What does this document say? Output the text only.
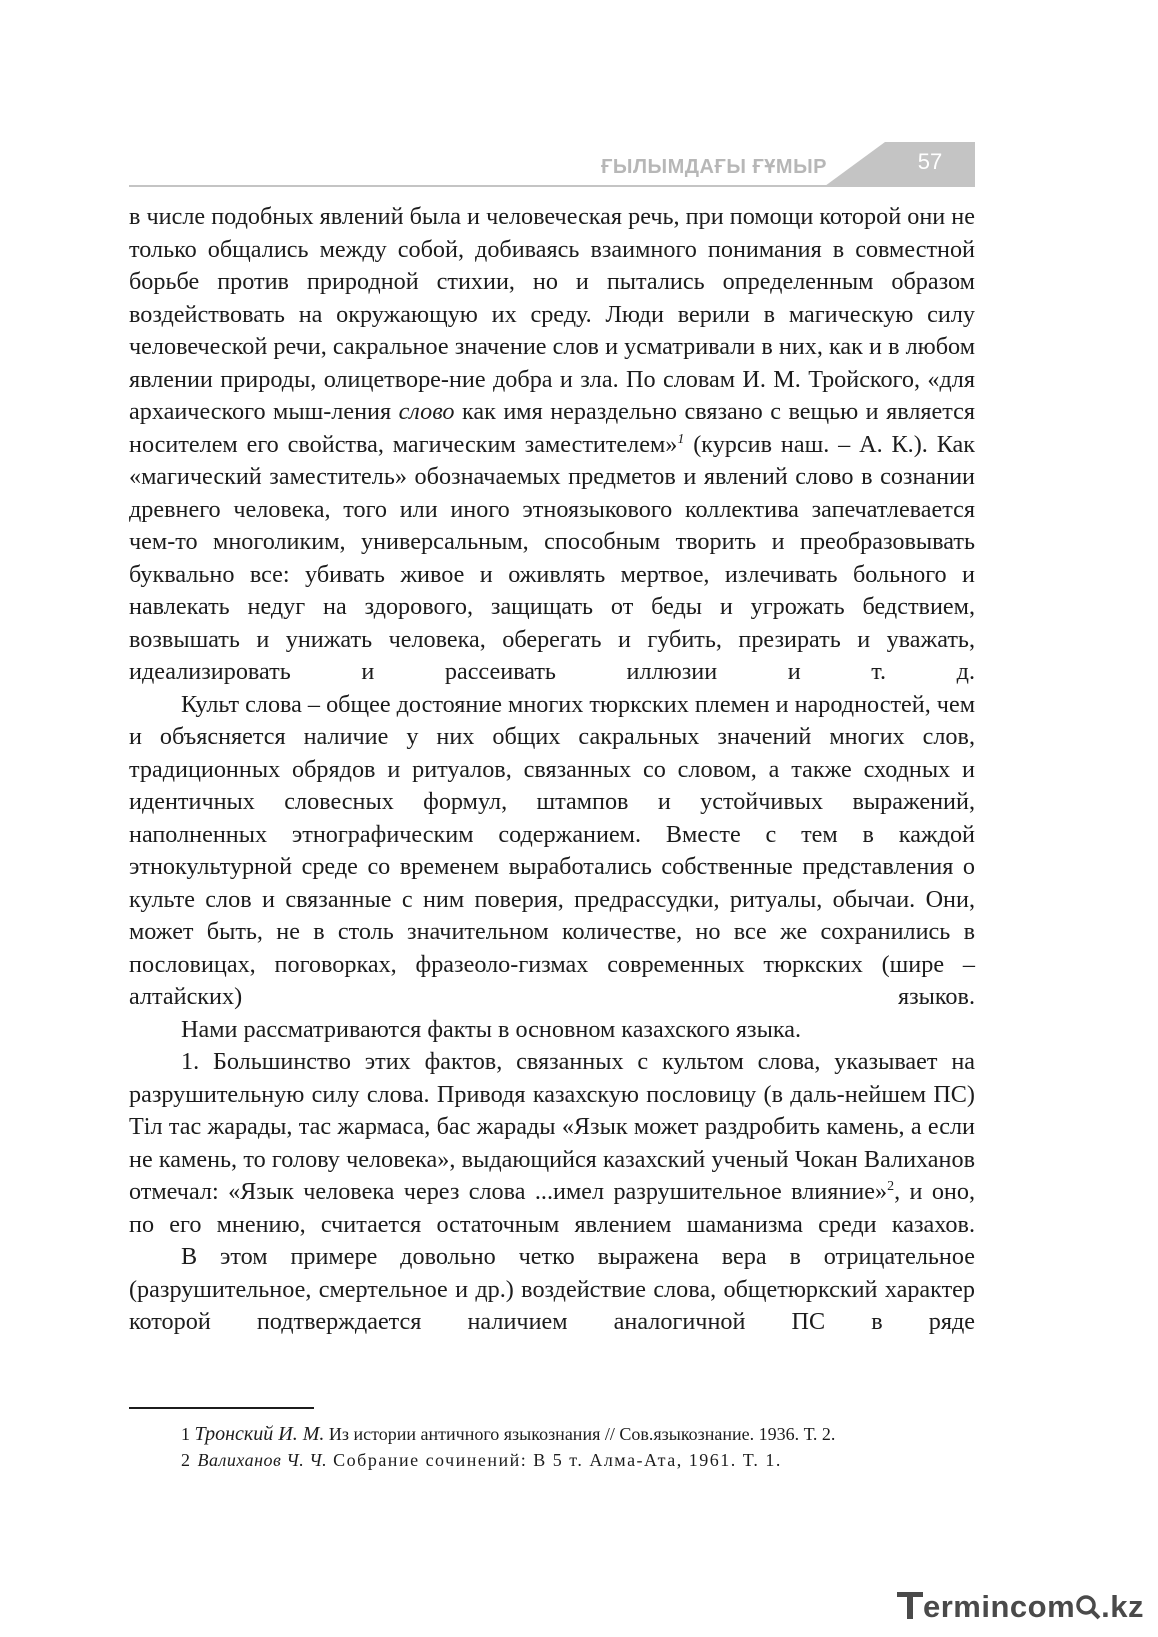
ҒЫЛЫМДАҒЫ ҒҰМЫР	57

в числе подобных явлений была и человеческая речь, при помощи которой они не только общались между собой, добиваясь взаимного понимания в совместной борьбе против природной стихии, но и пытались определенным образом воздействовать на окружающую их среду. Люди верили в магическую силу человеческой речи, сакральное значение слов и усматривали в них, как и в любом явлении природы, олицетворе-ние добра и зла. По словам И. М. Тройского, «для архаического мыш-ления слово как имя нераздельно связано с вещью и является носителем его свойства, магическим заместителем»$^1$ (курсив наш. – А. К.). Как «магический заместитель» обозначаемых предметов и явлений слово в сознании древнего человека, того или иного этноязыкового коллектива запечатлевается чем-то многоликим, универсальным, способным творить и преобразовывать буквально все: убивать живое и оживлять мертвое, излечивать больного и навлекать недуг на здорового, защищать от беды и угрожать бедствием, возвышать и унижать человека, оберегать и губить, презирать и уважать, идеализировать и рассеивать иллюзии и т. д.

Культ слова – общее достояние многих тюркских племен и народностей, чем и объясняется наличие у них общих сакральных значений многих слов, традиционных обрядов и ритуалов, связанных со словом, а также сходных и идентичных словесных формул, штампов и устойчивых выражений, наполненных этнографическим содержанием. Вместе с тем в каждой этнокультурной среде со временем выработались собственные представления о культе слов и связанные с ним поверия, предрассудки, ритуалы, обычаи. Они, может быть, не в столь значительном количестве, но все же сохранились в пословицах, поговорках, фразеоло-гизмах современных тюркских (шире – алтайских) языков.

Нами рассматриваются факты в основном казахского языка.

1. Большинство этих фактов, связанных с культом слова, указывает на разрушительную силу слова. Приводя казахскую пословицу (в даль-нейшем ПС) Тіл тас жарады, тас жармаса, бас жарады «Язык может раздробить камень, а если не камень, то голову человека», выдающийся казахский ученый Чокан Валиханов отмечал: «Язык человека через слова ...имел разрушительное влияние»$^2$, и оно, по его мнению, считается остаточным явлением шаманизма среди казахов.

В этом примере довольно четко выражена вера в отрицательное (разрушительное, смертельное и др.) воздействие слова, общетюркский характер которой подтверждается наличием аналогичной ПС в ряде

1 Тронский И. М. Из истории античного языкознания // Сов.языкознание. 1936. Т. 2.
2 Валиханов Ч. Ч. Собрание сочинений: В 5 т. Алма-Ата, 1961. Т. 1.
ermincom .kz
